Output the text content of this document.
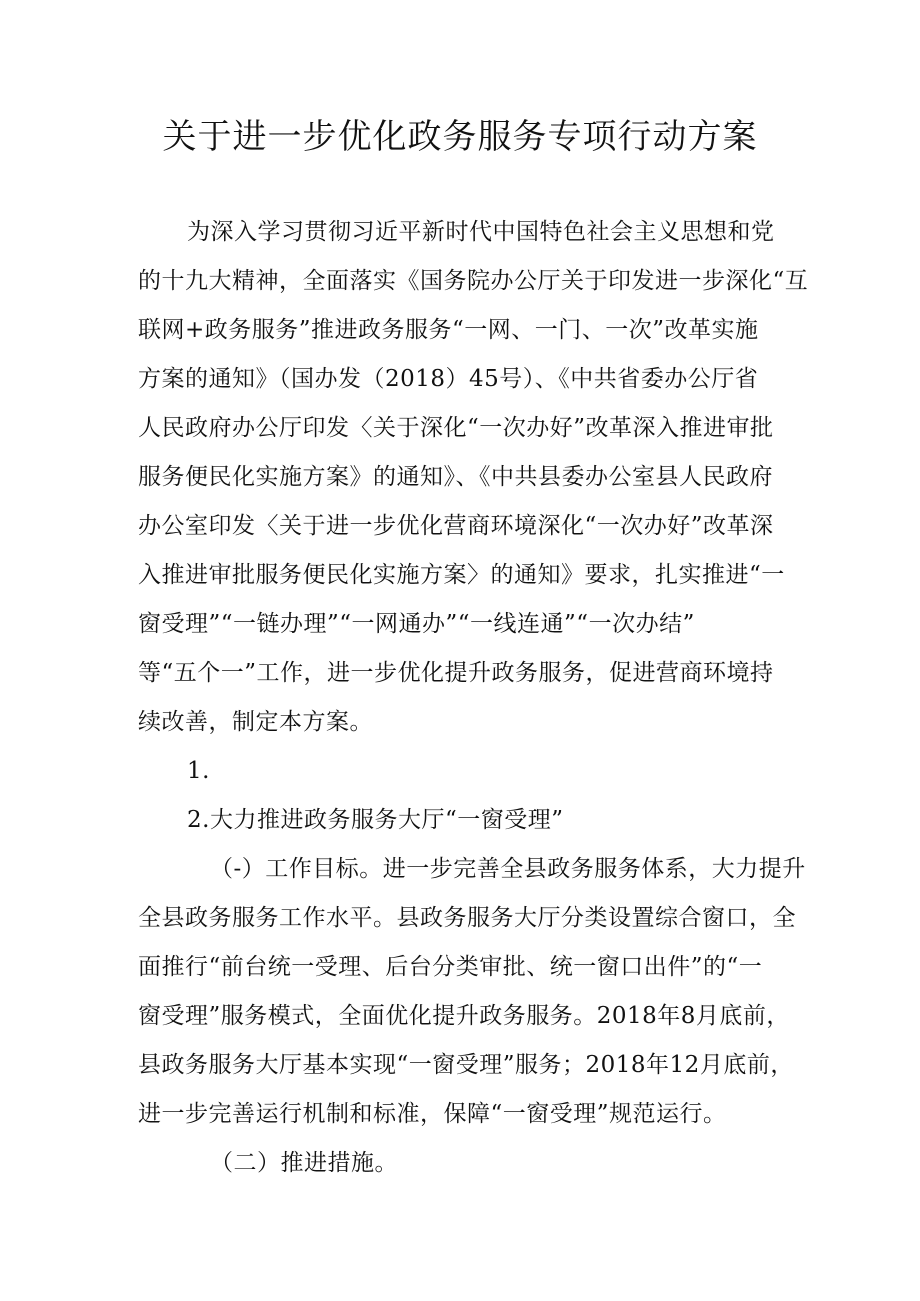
关于进一步优化政务服务专项行动方案
为深入学习贯彻习近平新时代中国特色社会主义思想和党
的十九大精神，全面落实《国务院办公厅关于印发进一步深化“互
联网+政务服务”推进政务服务“一网、一门、一次”改革实施
方案的通知》（国办发（2018）45号）、《中共省委办公厅省
人民政府办公厅印发〈关于深化“一次办好”改革深入推进审批
服务便民化实施方案》的通知》、《中共县委办公室县人民政府
办公室印发〈关于进一步优化营商环境深化“一次办好”改革深
入推进审批服务便民化实施方案〉的通知》要求，扎实推进“一
窗受理”“一链办理”“一网通办”“一线连通”“一次办结”
等“五个一”工作，进一步优化提升政务服务，促进营商环境持
续改善，制定本方案。
1.
2.大力推进政务服务大厅“一窗受理”
（-）工作目标。进一步完善全县政务服务体系，大力提升
全县政务服务工作水平。县政务服务大厅分类设置综合窗口，全
面推行“前台统一受理、后台分类审批、统一窗口出件”的“一
窗受理”服务模式，全面优化提升政务服务。2018年8月底前，
县政务服务大厅基本实现“一窗受理”服务；2018年12月底前，
进一步完善运行机制和标准，保障“一窗受理”规范运行。
（二）推进措施。
